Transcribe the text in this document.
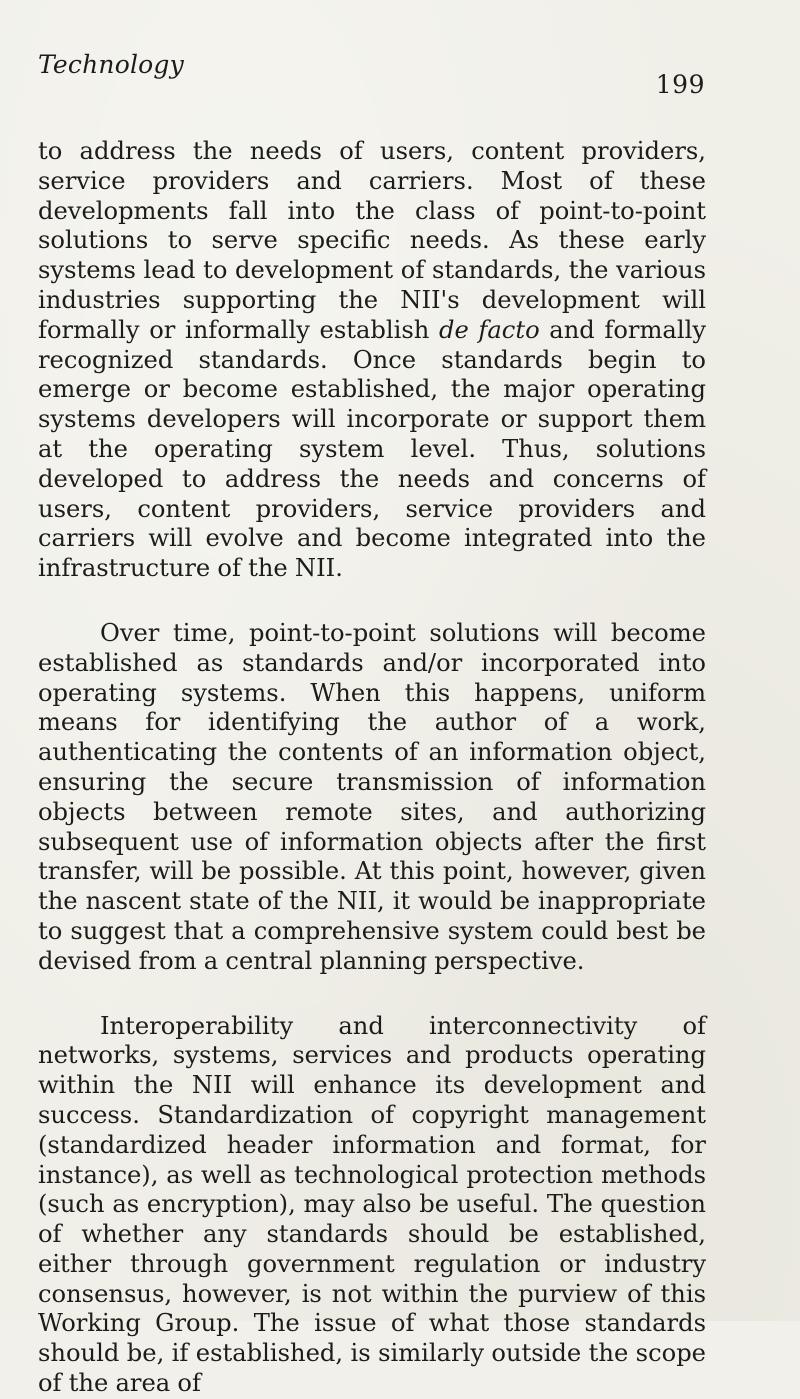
Technology
199

to address the needs of users, content providers, service providers and carriers. Most of these developments fall into the class of point-to-point solutions to serve specific needs. As these early systems lead to development of standards, the various industries supporting the NII's development will formally or informally establish de facto and formally recognized standards. Once standards begin to emerge or become established, the major operating systems developers will incorporate or support them at the operating system level. Thus, solutions developed to address the needs and concerns of users, content providers, service providers and carriers will evolve and become integrated into the infrastructure of the NII.

Over time, point-to-point solutions will become established as standards and/or incorporated into operating systems. When this happens, uniform means for identifying the author of a work, authenticating the contents of an information object, ensuring the secure transmission of information objects between remote sites, and authorizing subsequent use of information objects after the first transfer, will be possible. At this point, however, given the nascent state of the NII, it would be inappropriate to suggest that a comprehensive system could best be devised from a central planning perspective.

Interoperability and interconnectivity of networks, systems, services and products operating within the NII will enhance its development and success. Standardization of copyright management (standardized header information and format, for instance), as well as technological protection methods (such as encryption), may also be useful. The question of whether any standards should be established, either through government regulation or industry consensus, however, is not within the purview of this Working Group. The issue of what those standards should be, if established, is similarly outside the scope of the area of
